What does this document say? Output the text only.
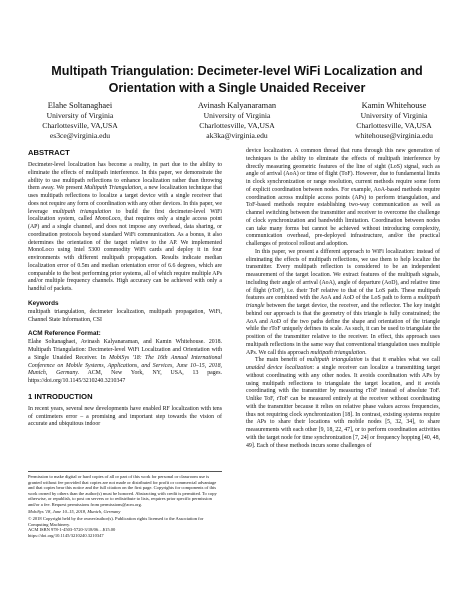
Multipath Triangulation: Decimeter-level WiFi Localization and
Orientation with a Single Unaided Receiver
Elahe Soltanaghaei
University of Virginia
Charlottesville, VA,USA
es3ce@virginia.edu
Avinash Kalyanaraman
University of Virginia
Charlottesville, VA,USA
ak3ka@virginia.edu
Kamin Whitehouse
University of Virginia
Charlottesville, VA,USA
whitehouse@virginia.edu
ABSTRACT

Decimeter-level localization has become a reality, in part due to the ability to eliminate the effects of multipath interference. In this paper, we demonstrate the ability to use multipath reflections to enhance localization rather than throwing them away. We present Multipath Triangulation, a new localization technique that uses multipath reflections to localize a target device with a single receiver that does not require any form of coordination with any other devices. In this paper, we leverage multipath triangulation to build the first decimeter-level WiFi localization system, called MonoLoco, that requires only a single access point (AP) and a single channel, and does not impose any overhead, data sharing, or coordination protocols beyond standard WiFi communication. As a bonus, it also determines the orientation of the target relative to the AP. We implemented MonoLoco using Intel 5300 commodity WiFi cards and deploy it in four environments with different multipath propagation. Results indicate median localization error of 0.5m and median orientation error of 6.6 degrees, which are comparable to the best performing prior systems, all of which require multiple APs and/or multiple frequency channels. High accuracy can be achieved with only a handful of packets.

Keywords

multipath triangulation, decimeter localization, multipath propagation, WiFi, Channel State Information, CSI

ACM Reference Format:

Elahe Soltanaghaei, Avinash Kalyanaraman, and Kamin Whitehouse. 2018. Multipath Triangulation: Decimeter-level WiFi Localization and Orientation with a Single Unaided Receiver. In MobiSys '18: The 16th Annual International Conference on Mobile Systems, Applications, and Services, June 10–15, 2018, Munich, Germany. ACM, New York, NY, USA, 13 pages. https://doi.org/10.1145/3210240.3210347

1 INTRODUCTION

In recent years, several new developments have enabled RF localization with tens of centimeters error – a promising and important step towards the vision of accurate and ubiquitous indoor

Permission to make digital or hard copies of all or part of this work for personal or classroom use is granted without fee provided that copies are not made or distributed for profit or commercial advantage and that copies bear this notice and the full citation on the first page. Copyrights for components of this work owned by others than the author(s) must be honored. Abstracting with credit is permitted. To copy otherwise, or republish, to post on servers or to redistribute to lists, requires prior specific permission and/or a fee. Request permissions from permissions@acm.org.

MobiSys '18, June 10–15, 2018, Munich, Germany

© 2018 Copyright held by the owner/author(s). Publication rights licensed to the Association for Computing Machinery.
ACM ISBN 978-1-4503-5720-3/18/06…$15.00
https://doi.org/10.1145/3210240.3210347

device localization. A common thread that runs through this new generation of techniques is the ability to eliminate the effects of multipath interference by directly measuring geometric features of the line of sight (LoS) signal, such as angle of arrival (AoA) or time of flight (ToF). However, due to fundamental limits in clock synchronization or range resolution, current methods require some form of explicit coordination between nodes. For example, AoA-based methods require coordination across multiple access points (APs) to perform triangulation, and ToF-based methods require establishing two-way communication as well as channel switching between the transmitter and receiver to overcome the challenge of clock synchronization and bandwidth limitation. Coordination between nodes can take many forms but cannot be achieved without introducing complexity, communication overhead, pre-deployed infrastructure, and/or the practical challenges of protocol rollout and adoption.

In this paper, we present a different approach to WiFi localization: instead of eliminating the effects of multipath reflections, we use them to help localize the transmitter. Every multipath reflection is considered to be an independent measurement of the target location. We extract features of the multipath signals, including their angle of arrival (AoA), angle of departure (AoD), and relative time of flight (rToF), i.e. their ToF relative to that of the LoS path. These multipath features are combined with the AoA and AoD of the LoS path to form a multipath triangle between the target device, the receiver, and the reflector. The key insight behind our approach is that the geometry of this triangle is fully constrained; the AoA and AoD of the two paths define the shape and orientation of the triangle while the rToF uniquely defines its scale. As such, it can be used to triangulate the position of the transmitter relative to the receiver. In effect, this approach uses multipath reflections in the same way that conventional triangulation uses multiple APs. We call this approach multipath triangulation.

The main benefit of multipath triangulation is that it enables what we call unaided device localization: a single receiver can localize a transmitting target without coordinating with any other nodes. It avoids coordination with APs by using multipath reflections to triangulate the target location, and it avoids coordinating with the transmitter by measuring rToF instead of absolute ToF. Unlike ToF, rToF can be measured entirely at the receiver without coordinating with the transmitter because it relies on relative phase values across frequencies, thus not requiring clock synchronization [18]. In contrast, existing systems require the APs to share their locations with mobile nodes [5, 32, 34], to share measurements with each other [9, 18, 22, 47], or to perform coordination activities with the target node for time synchronization [7, 24] or frequency hopping [40, 48, 49]. Each of these methods incurs some challenges of
